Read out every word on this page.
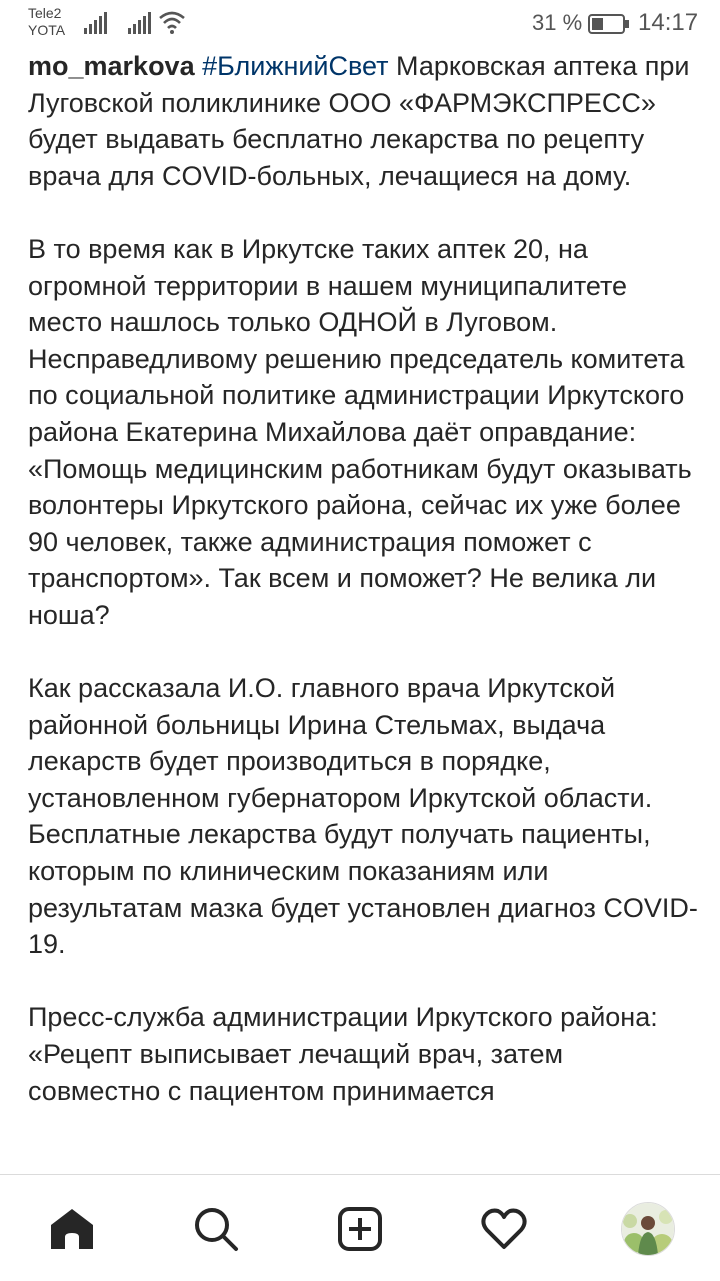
Tele2
YOTA	31 % 14:17

mo_markova #БлижнийСвет Марковская аптека при Луговской поликлинике ООО «ФАРМЭКСПРЕСС» будет выдавать бесплатно лекарства по рецепту врача для COVID-больных, лечащиеся на дому.

В то время как в Иркутске таких аптек 20, на огромной территории в нашем муниципалитете место нашлось только ОДНОЙ в Луговом. Несправедливому решению председатель комитета по социальной политике администрации Иркутского района Екатерина Михайлова даёт оправдание: «Помощь медицинским работникам будут оказывать волонтеры Иркутского района, сейчас их уже более 90 человек, также администрация поможет с транспортом». Так всем и поможет? Не велика ли ноша?

Как рассказала И.О. главного врача Иркутской районной больницы Ирина Стельмах, выдача лекарств будет производиться в порядке, установленном губернатором Иркутской области. Бесплатные лекарства будут получать пациенты, которым по клиническим показаниям или результатам мазка будет установлен диагноз COVID-19.

Пресс-служба администрации Иркутского района: «Рецепт выписывает лечащий врач, затем совместно с пациентом принимается
